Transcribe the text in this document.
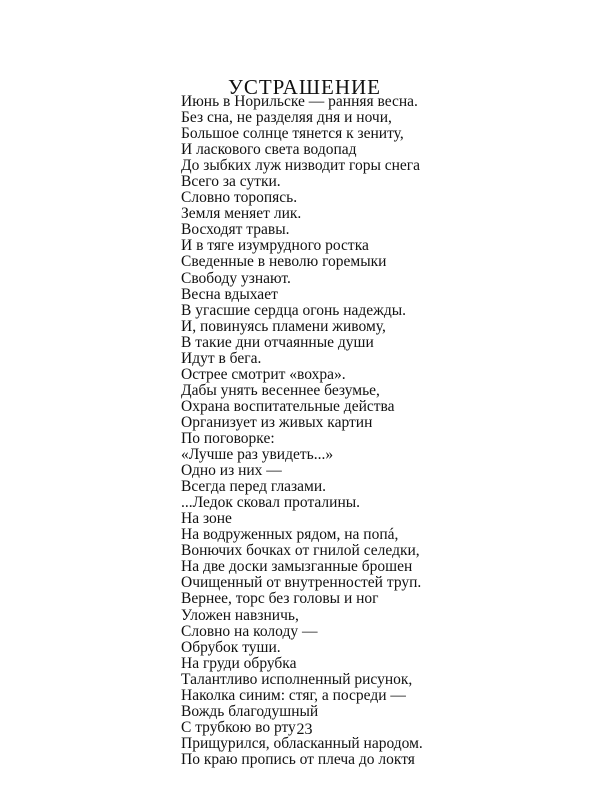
УСТРАШЕНИЕ
Июнь в Норильске — ранняя весна.
Без сна, не разделяя дня и ночи,
Большое солнце тянется к зениту,
И ласкового света водопад
До зыбких луж низводит горы снега
Всего за сутки.
Словно торопясь.
Земля меняет лик.
Восходят травы.
И в тяге изумрудного ростка
Сведенные в неволю горемыки
Свободу узнают.
Весна вдыхает
В угасшие сердца огонь надежды.
И, повинуясь пламени живому,
В такие дни отчаянные души
Идут в бега.
Острее смотрит «вохра».
Дабы унять весеннее безумье,
Охрана воспитательные действа
Организует из живых картин
По поговорке:
«Лучше раз увидеть...»
Одно из них —
Всегда перед глазами.
...Ледок сковал проталины.
На зоне
На водруженных рядом, на попá,
Вонючих бочках от гнилой селедки,
На две доски замызганные брошен
Очищенный от внутренностей труп.
Вернее, торс без головы и ног
Уложен навзничь,
Словно на колоду —
Обрубок туши.
На груди обрубка
Талантливо исполненный рисунок,
Наколка синим: стяг, а посреди —
Вождь благодушный
С трубкою во рту
Прищурился, обласканный народом.
По краю пропись от плеча до локтя
23
